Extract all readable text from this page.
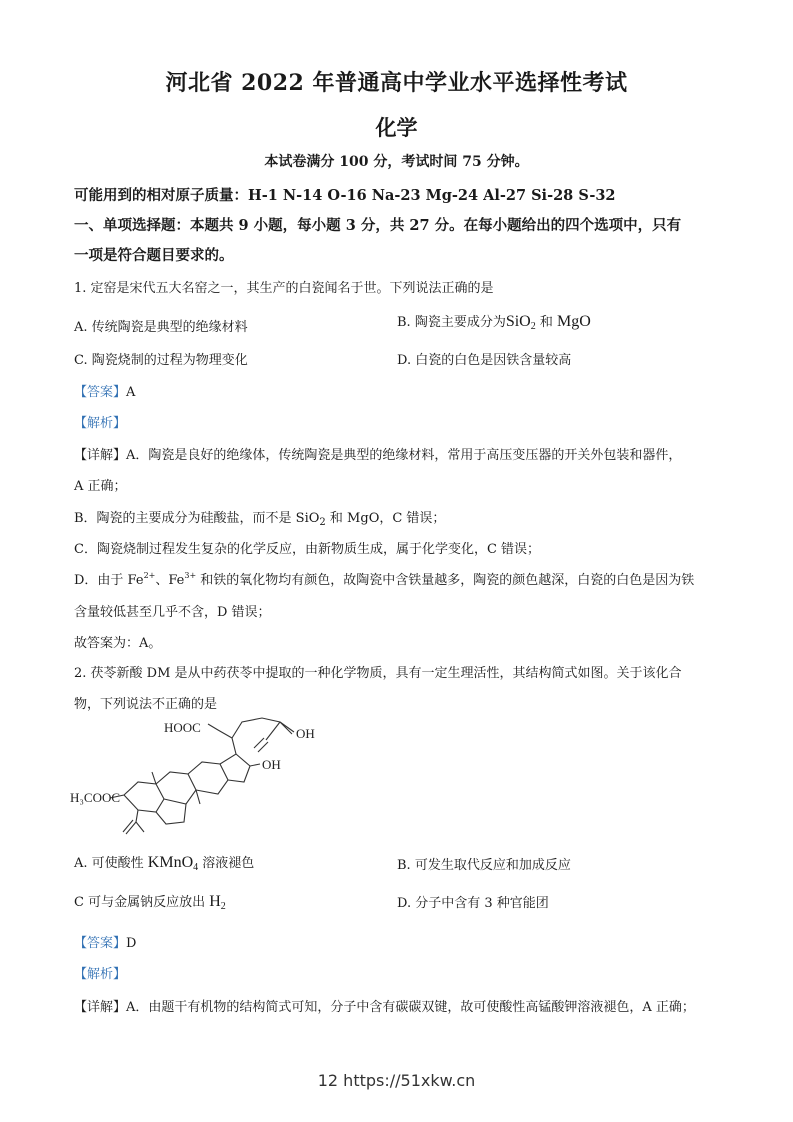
河北省 2022 年普通高中学业水平选择性考试
化学
本试卷满分 100 分，考试时间 75 分钟。
可能用到的相对原子质量：H-1 N-14 O-16 Na-23 Mg-24 Al-27 Si-28 S-32
一、单项选择题：本题共 9 小题，每小题 3 分，共 27 分。在每小题给出的四个选项中，只有
一项是符合题目要求的。
1. 定窑是宋代五大名窑之一，其生产的白瓷闻名于世。下列说法正确的是
A. 传统陶瓷是典型的绝缘材料	B. 陶瓷主要成分为SiO$_2$ 和 MgO
C. 陶瓷烧制的过程为物理变化	D. 白瓷的白色是因铁含量较高
【答案】A
【解析】
【详解】A．陶瓷是良好的绝缘体，传统陶瓷是典型的绝缘材料，常用于高压变压器的开关外包装和器件，
A 正确；
B．陶瓷的主要成分为硅酸盐，而不是 SiO$_2$ 和 MgO，C 错误；
C．陶瓷烧制过程发生复杂的化学反应，由新物质生成，属于化学变化，C 错误；
D．由于 $Fe^{2+}$、$Fe^{3+}$ 和铁的氧化物均有颜色，故陶瓷中含铁量越多，陶瓷的颜色越深，白瓷的白色是因为铁
含量较低甚至几乎不含，D 错误；
故答案为：A。
2. 茯苓新酸 DM 是从中药茯苓中提取的一种化学物质，具有一定生理活性，其结构简式如图。关于该化合
物，下列说法不正确的是
HOOC	OH
OH
H₃COOC
A. 可使酸性 KMnO$_4$ 溶液褪色	B. 可发生取代反应和加成反应
C 可与金属钠反应放出 $H_2$	D. 分子中含有 3 种官能团
【答案】D
【解析】
【详解】A．由题干有机物的结构简式可知，分子中含有碳碳双键，故可使酸性高锰酸钾溶液褪色，A 正确；
12 https://51xkw.cn
